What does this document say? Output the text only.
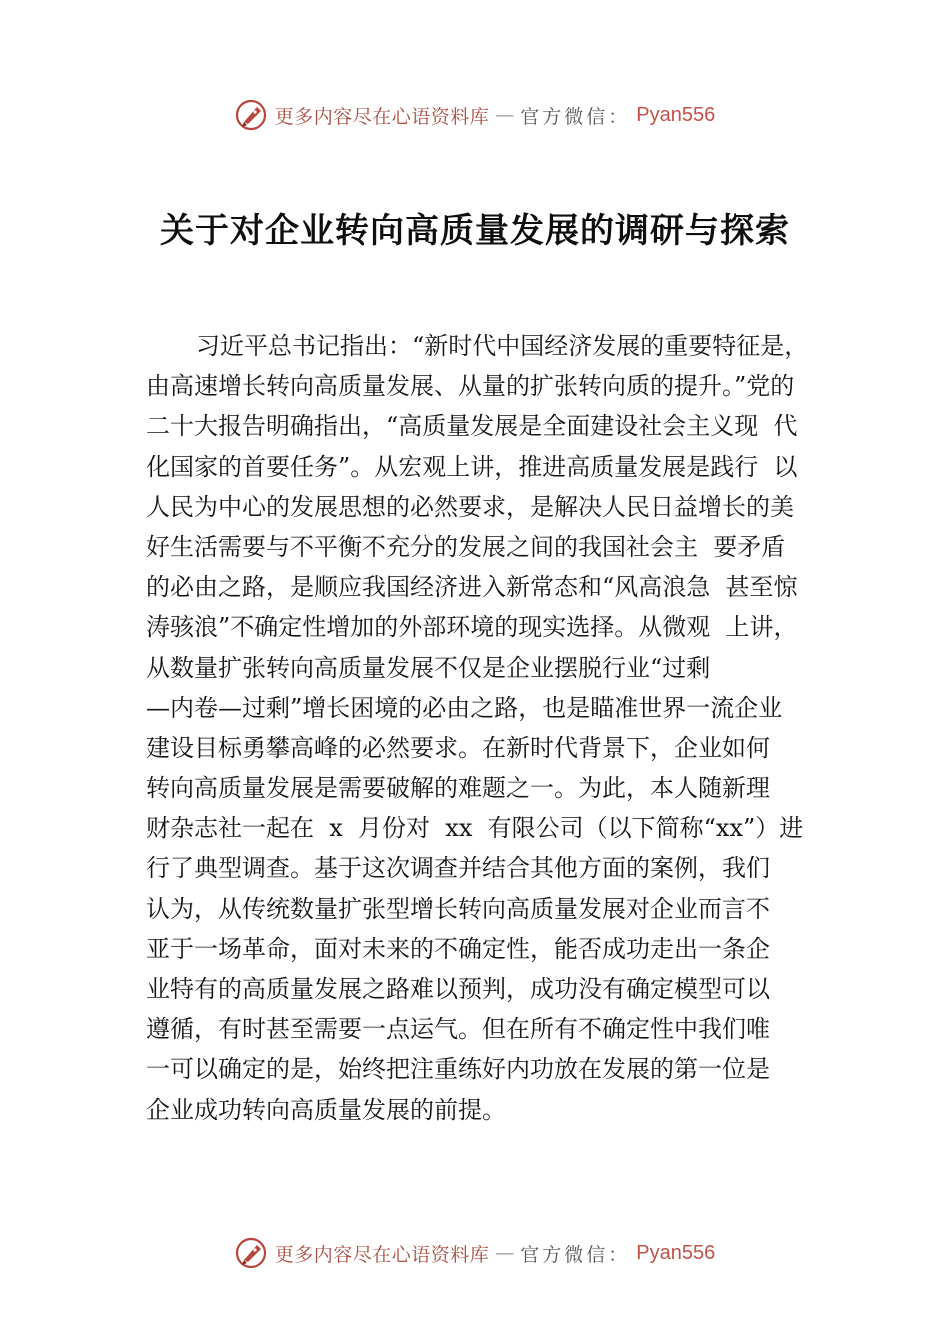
更多内容尽在心语资料库 — 官方微信： Pyan556
关于对企业转向高质量发展的调研与探索
习近平总书记指出：“新时代中国经济发展的重要特征是，
由高速增长转向高质量发展、从量的扩张转向质的提升。”党的
二十大报告明确指出，“高质量发展是全面建设社会主义现  代
化国家的首要任务”。从宏观上讲，推进高质量发展是践行  以
人民为中心的发展思想的必然要求，是解决人民日益增长的美
好生活需要与不平衡不充分的发展之间的我国社会主  要矛盾
的必由之路，是顺应我国经济进入新常态和“风高浪急  甚至惊
涛骇浪”不确定性增加的外部环境的现实选择。从微观  上讲，
从数量扩张转向高质量发展不仅是企业摆脱行业“过剩
—内卷—过剩”增长困境的必由之路，也是瞄准世界一流企业
建设目标勇攀高峰的必然要求。在新时代背景下，企业如何
转向高质量发展是需要破解的难题之一。为此，本人随新理
财杂志社一起在  x  月份对  xx  有限公司（以下简称“xx”）进
行了典型调查。基于这次调查并结合其他方面的案例，我们
认为，从传统数量扩张型增长转向高质量发展对企业而言不
亚于一场革命，面对未来的不确定性，能否成功走出一条企
业特有的高质量发展之路难以预判，成功没有确定模型可以
遵循，有时甚至需要一点运气。但在所有不确定性中我们唯
一可以确定的是，始终把注重练好内功放在发展的第一位是
企业成功转向高质量发展的前提。
更多内容尽在心语资料库 — 官方微信： Pyan556
